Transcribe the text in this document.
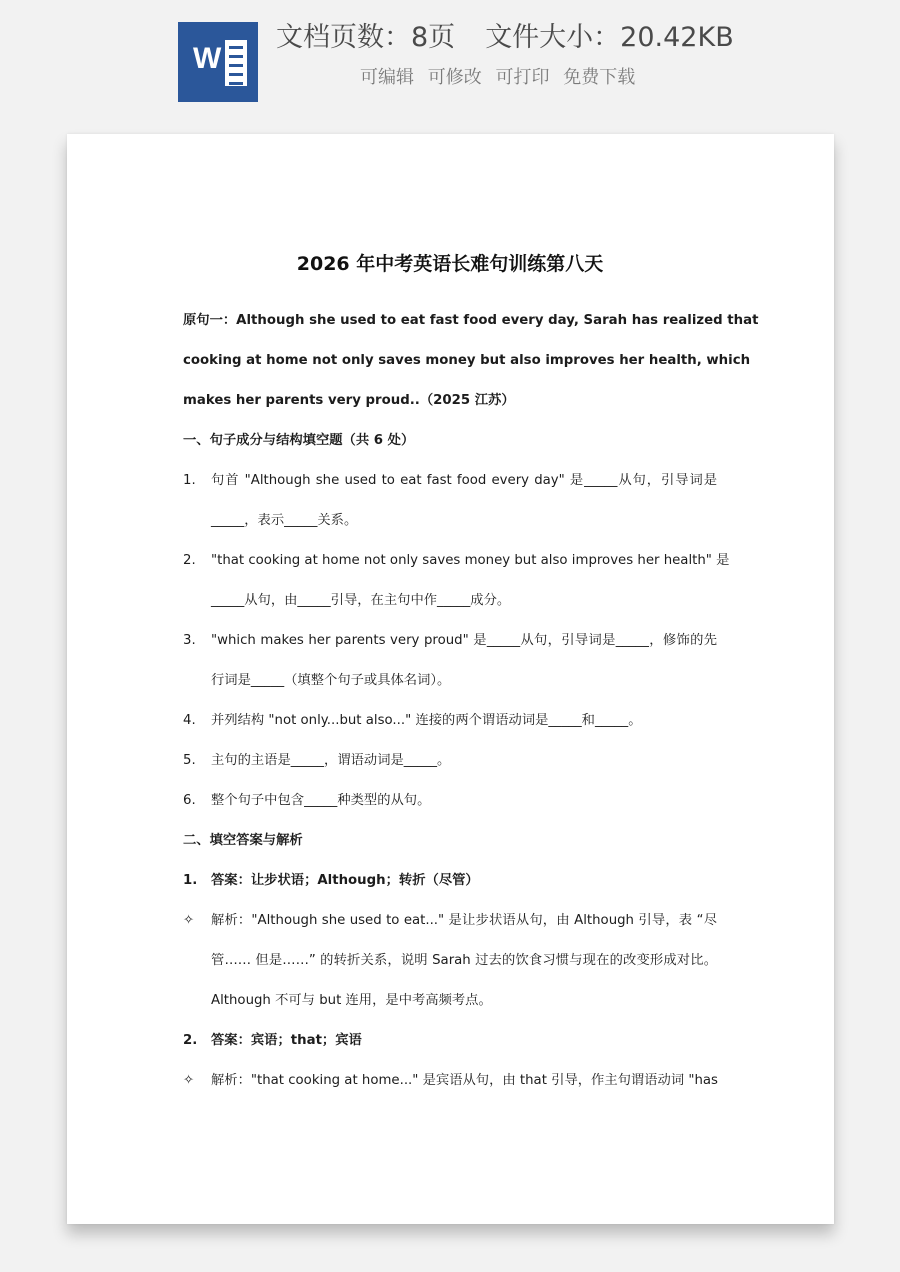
W
文档页数：8页 文件大小：20.42KB
可编辑 可修改 可打印 免费下载
2026 年中考英语长难句训练第八天
原句一：Although she used to eat fast food every day, Sarah has realized that
cooking at home not only saves money but also improves her health, which
makes her parents very proud..（2025 江苏）
一、句子成分与结构填空题（共 6 处）
1. 句首 "Although she used to eat fast food every day" 是_____从句，引导词是
_____，表示_____关系。
2. "that cooking at home not only saves money but also improves her health" 是
_____从句，由_____引导，在主句中作_____成分。
3. "which makes her parents very proud" 是_____从句，引导词是_____，修饰的先
行词是_____（填整个句子或具体名词）。
4. 并列结构 "not only...but also..." 连接的两个谓语动词是_____和_____。
5. 主句的主语是_____，谓语动词是_____。
6. 整个句子中包含_____种类型的从句。
二、填空答案与解析
1. 答案：让步状语；Although；转折（尽管）
✧ 解析："Although she used to eat..." 是让步状语从句，由 Although 引导，表 “尽
管…… 但是……” 的转折关系，说明 Sarah 过去的饮食习惯与现在的改变形成对比。
Although 不可与 but 连用，是中考高频考点。
2. 答案：宾语；that；宾语
✧ 解析："that cooking at home..." 是宾语从句，由 that 引导，作主句谓语动词 "has
